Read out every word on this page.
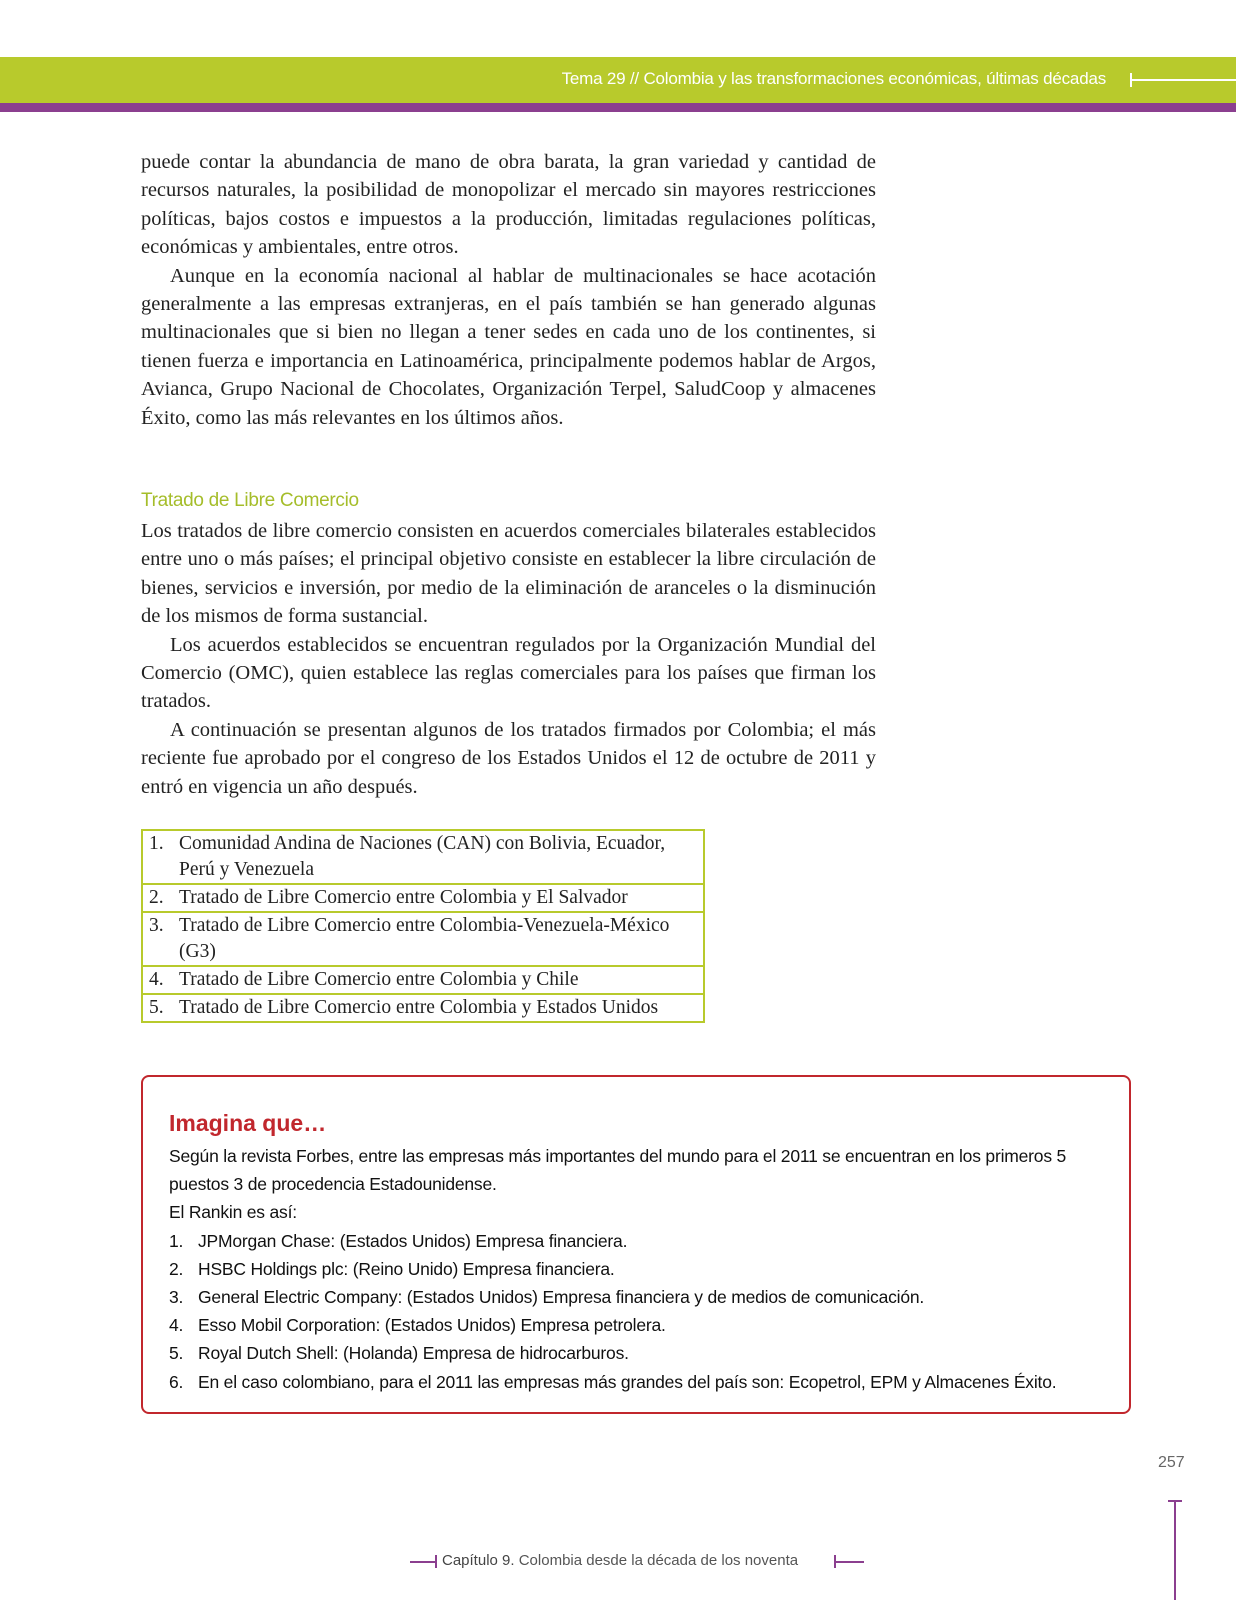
Tema 29 // Colombia y las transformaciones económicas, últimas décadas

puede contar la abundancia de mano de obra barata, la gran variedad y cantidad de recursos naturales, la posibilidad de monopolizar el mercado sin mayores restricciones políticas, bajos costos e impuestos a la producción, limitadas regulaciones políticas, económicas y ambientales, entre otros.

Aunque en la economía nacional al hablar de multinacionales se hace acotación generalmente a las empresas extranjeras, en el país también se han generado algunas multinacionales que si bien no llegan a tener sedes en cada uno de los continentes, si tienen fuerza e importancia en Latinoamérica, principalmente podemos hablar de Argos, Avianca, Grupo Nacional de Chocolates, Organización Terpel, SaludCoop y almacenes Éxito, como las más relevantes en los últimos años.

Tratado de Libre Comercio

Los tratados de libre comercio consisten en acuerdos comerciales bilaterales establecidos entre uno o más países; el principal objetivo consiste en establecer la libre circulación de bienes, servicios e inversión, por medio de la eliminación de aranceles o la disminución de los mismos de forma sustancial.

Los acuerdos establecidos se encuentran regulados por la Organización Mundial del Comercio (OMC), quien establece las reglas comerciales para los países que firman los tratados.

A continuación se presentan algunos de los tratados firmados por Colombia; el más reciente fue aprobado por el congreso de los Estados Unidos el 12 de octubre de 2011 y entró en vigencia un año después.

1. Comunidad Andina de Naciones (CAN) con Bolivia, Ecuador, Perú y Venezuela
2. Tratado de Libre Comercio entre Colombia y El Salvador
3. Tratado de Libre Comercio entre Colombia-Venezuela-México (G3)
4. Tratado de Libre Comercio entre Colombia y Chile
5. Tratado de Libre Comercio entre Colombia y Estados Unidos
Imagina que…

Según la revista Forbes, entre las empresas más importantes del mundo para el 2011 se encuentran en los primeros 5 puestos 3 de procedencia Estadounidense.

El Rankin es así:

1. JPMorgan Chase: (Estados Unidos) Empresa financiera.
2. HSBC Holdings plc: (Reino Unido) Empresa financiera.
3. General Electric Company: (Estados Unidos) Empresa financiera y de medios de comunicación.
4. Esso Mobil Corporation: (Estados Unidos) Empresa petrolera.
5. Royal Dutch Shell: (Holanda) Empresa de hidrocarburos.
6. En el caso colombiano, para el 2011 las empresas más grandes del país son: Ecopetrol, EPM y Almacenes Éxito.
257
Capítulo 9. Colombia desde la década de los noventa
